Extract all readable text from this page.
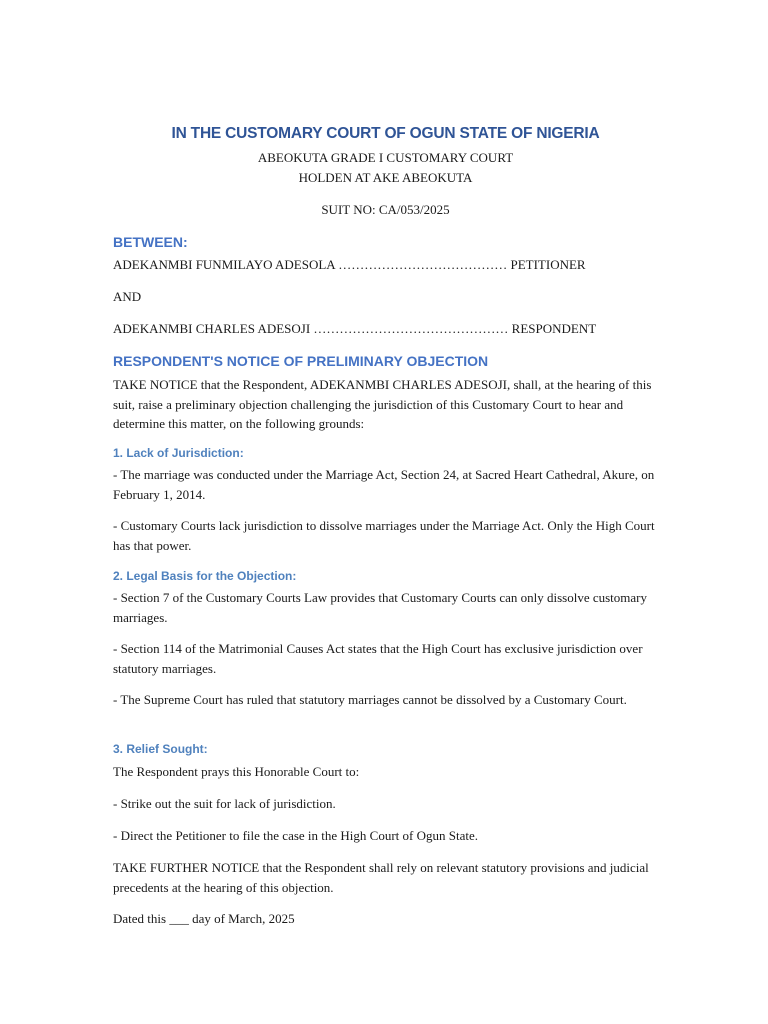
IN THE CUSTOMARY COURT OF OGUN STATE OF NIGERIA
ABEOKUTA GRADE I CUSTOMARY COURT
HOLDEN AT AKE ABEOKUTA
SUIT NO: CA/053/2025
BETWEEN:
ADEKANMBI FUNMILAYO ADESOLA ………………………………… PETITIONER
AND
ADEKANMBI CHARLES ADESOJI ……………………………………… RESPONDENT
RESPONDENT'S NOTICE OF PRELIMINARY OBJECTION
TAKE NOTICE that the Respondent, ADEKANMBI CHARLES ADESOJI, shall, at the hearing of this suit, raise a preliminary objection challenging the jurisdiction of this Customary Court to hear and determine this matter, on the following grounds:
1. Lack of Jurisdiction:
- The marriage was conducted under the Marriage Act, Section 24, at Sacred Heart Cathedral, Akure, on February 1, 2014.
- Customary Courts lack jurisdiction to dissolve marriages under the Marriage Act. Only the High Court has that power.
2. Legal Basis for the Objection:
- Section 7 of the Customary Courts Law provides that Customary Courts can only dissolve customary marriages.
- Section 114 of the Matrimonial Causes Act states that the High Court has exclusive jurisdiction over statutory marriages.
- The Supreme Court has ruled that statutory marriages cannot be dissolved by a Customary Court.
3. Relief Sought:
The Respondent prays this Honorable Court to:
- Strike out the suit for lack of jurisdiction.
- Direct the Petitioner to file the case in the High Court of Ogun State.
TAKE FURTHER NOTICE that the Respondent shall rely on relevant statutory provisions and judicial precedents at the hearing of this objection.
Dated this ___ day of March, 2025
